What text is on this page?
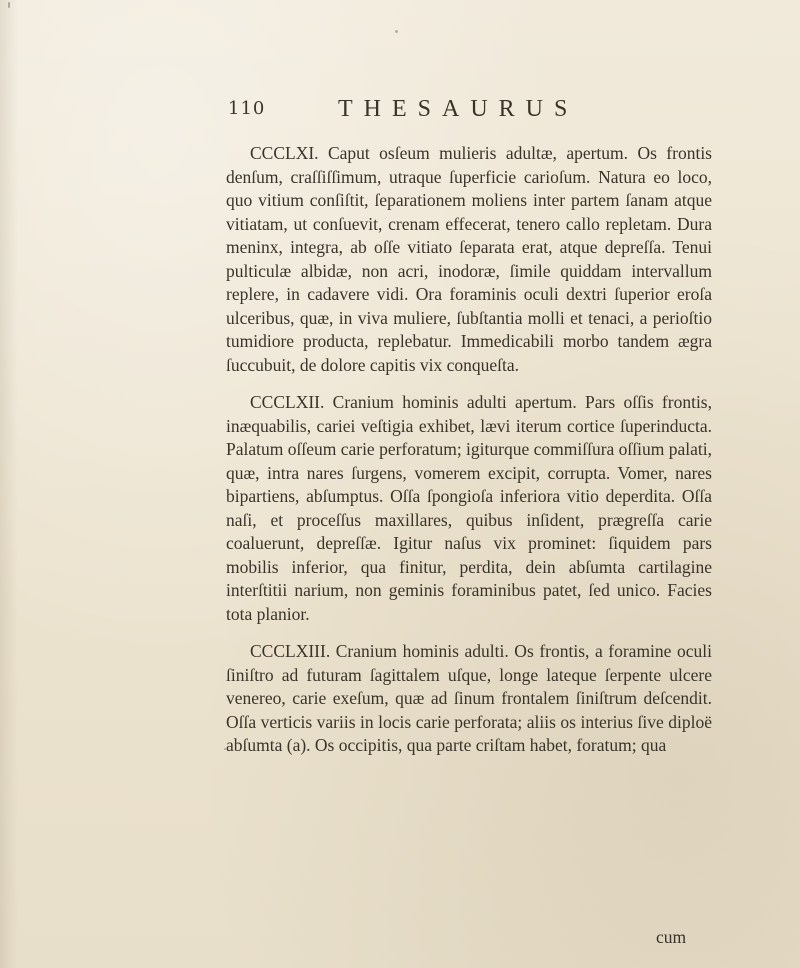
110	THESAURUS

CCCLXI. Caput osſeum mulieris adultæ, apertum. Os frontis denſum, craſſiſſimum, utraque ſuperficie carioſum. Natura eo loco, quo vitium conſiſtit, ſeparationem moliens inter partem ſanam atque vitiatam, ut conſuevit, crenam effecerat, tenero callo repletam. Dura meninx, integra, ab oſſe vitiato ſeparata erat, atque depreſſa. Tenui pulticulæ albidæ, non acri, inodoræ, ſimile quiddam intervallum replere, in cadavere vidi. Ora foraminis oculi dextri ſuperior eroſa ulceribus, quæ, in viva muliere, ſubſtantia molli et tenaci, a perioſtio tumidiore producta, replebatur. Immedicabili morbo tandem ægra ſuccubuit, de dolore capitis vix conqueſta.

CCCLXII. Cranium hominis adulti apertum. Pars oſſis frontis, inæquabilis, cariei veſtigia exhibet, lævi iterum cortice ſuperinducta. Palatum oſſeum carie perforatum; igiturque commiſſura oſſium palati, quæ, intra nares ſurgens, vomerem excipit, corrupta. Vomer, nares bipartiens, abſumptus. Oſſa ſpongioſa inferiora vitio deperdita. Oſſa naſi, et proceſſus maxillares, quibus inſident, prægreſſa carie coaluerunt, depreſſæ. Igitur naſus vix prominet: ſiquidem pars mobilis inferior, qua finitur, perdita, dein abſumta cartilagine interſtitii narium, non geminis foraminibus patet, ſed unico. Facies tota planior.

CCCLXIII. Cranium hominis adulti. Os frontis, a foramine oculi ſiniſtro ad futuram ſagittalem uſque, longe lateque ſerpente ulcere venereo, carie exeſum, quæ ad ſinum frontalem ſiniſtrum deſcendit. Oſſa verticis variis in locis carie perforata; aliis os interius ſive diploë abſumta (a). Os occipitis, qua parte criſtam habet, foratum; qua

cum
